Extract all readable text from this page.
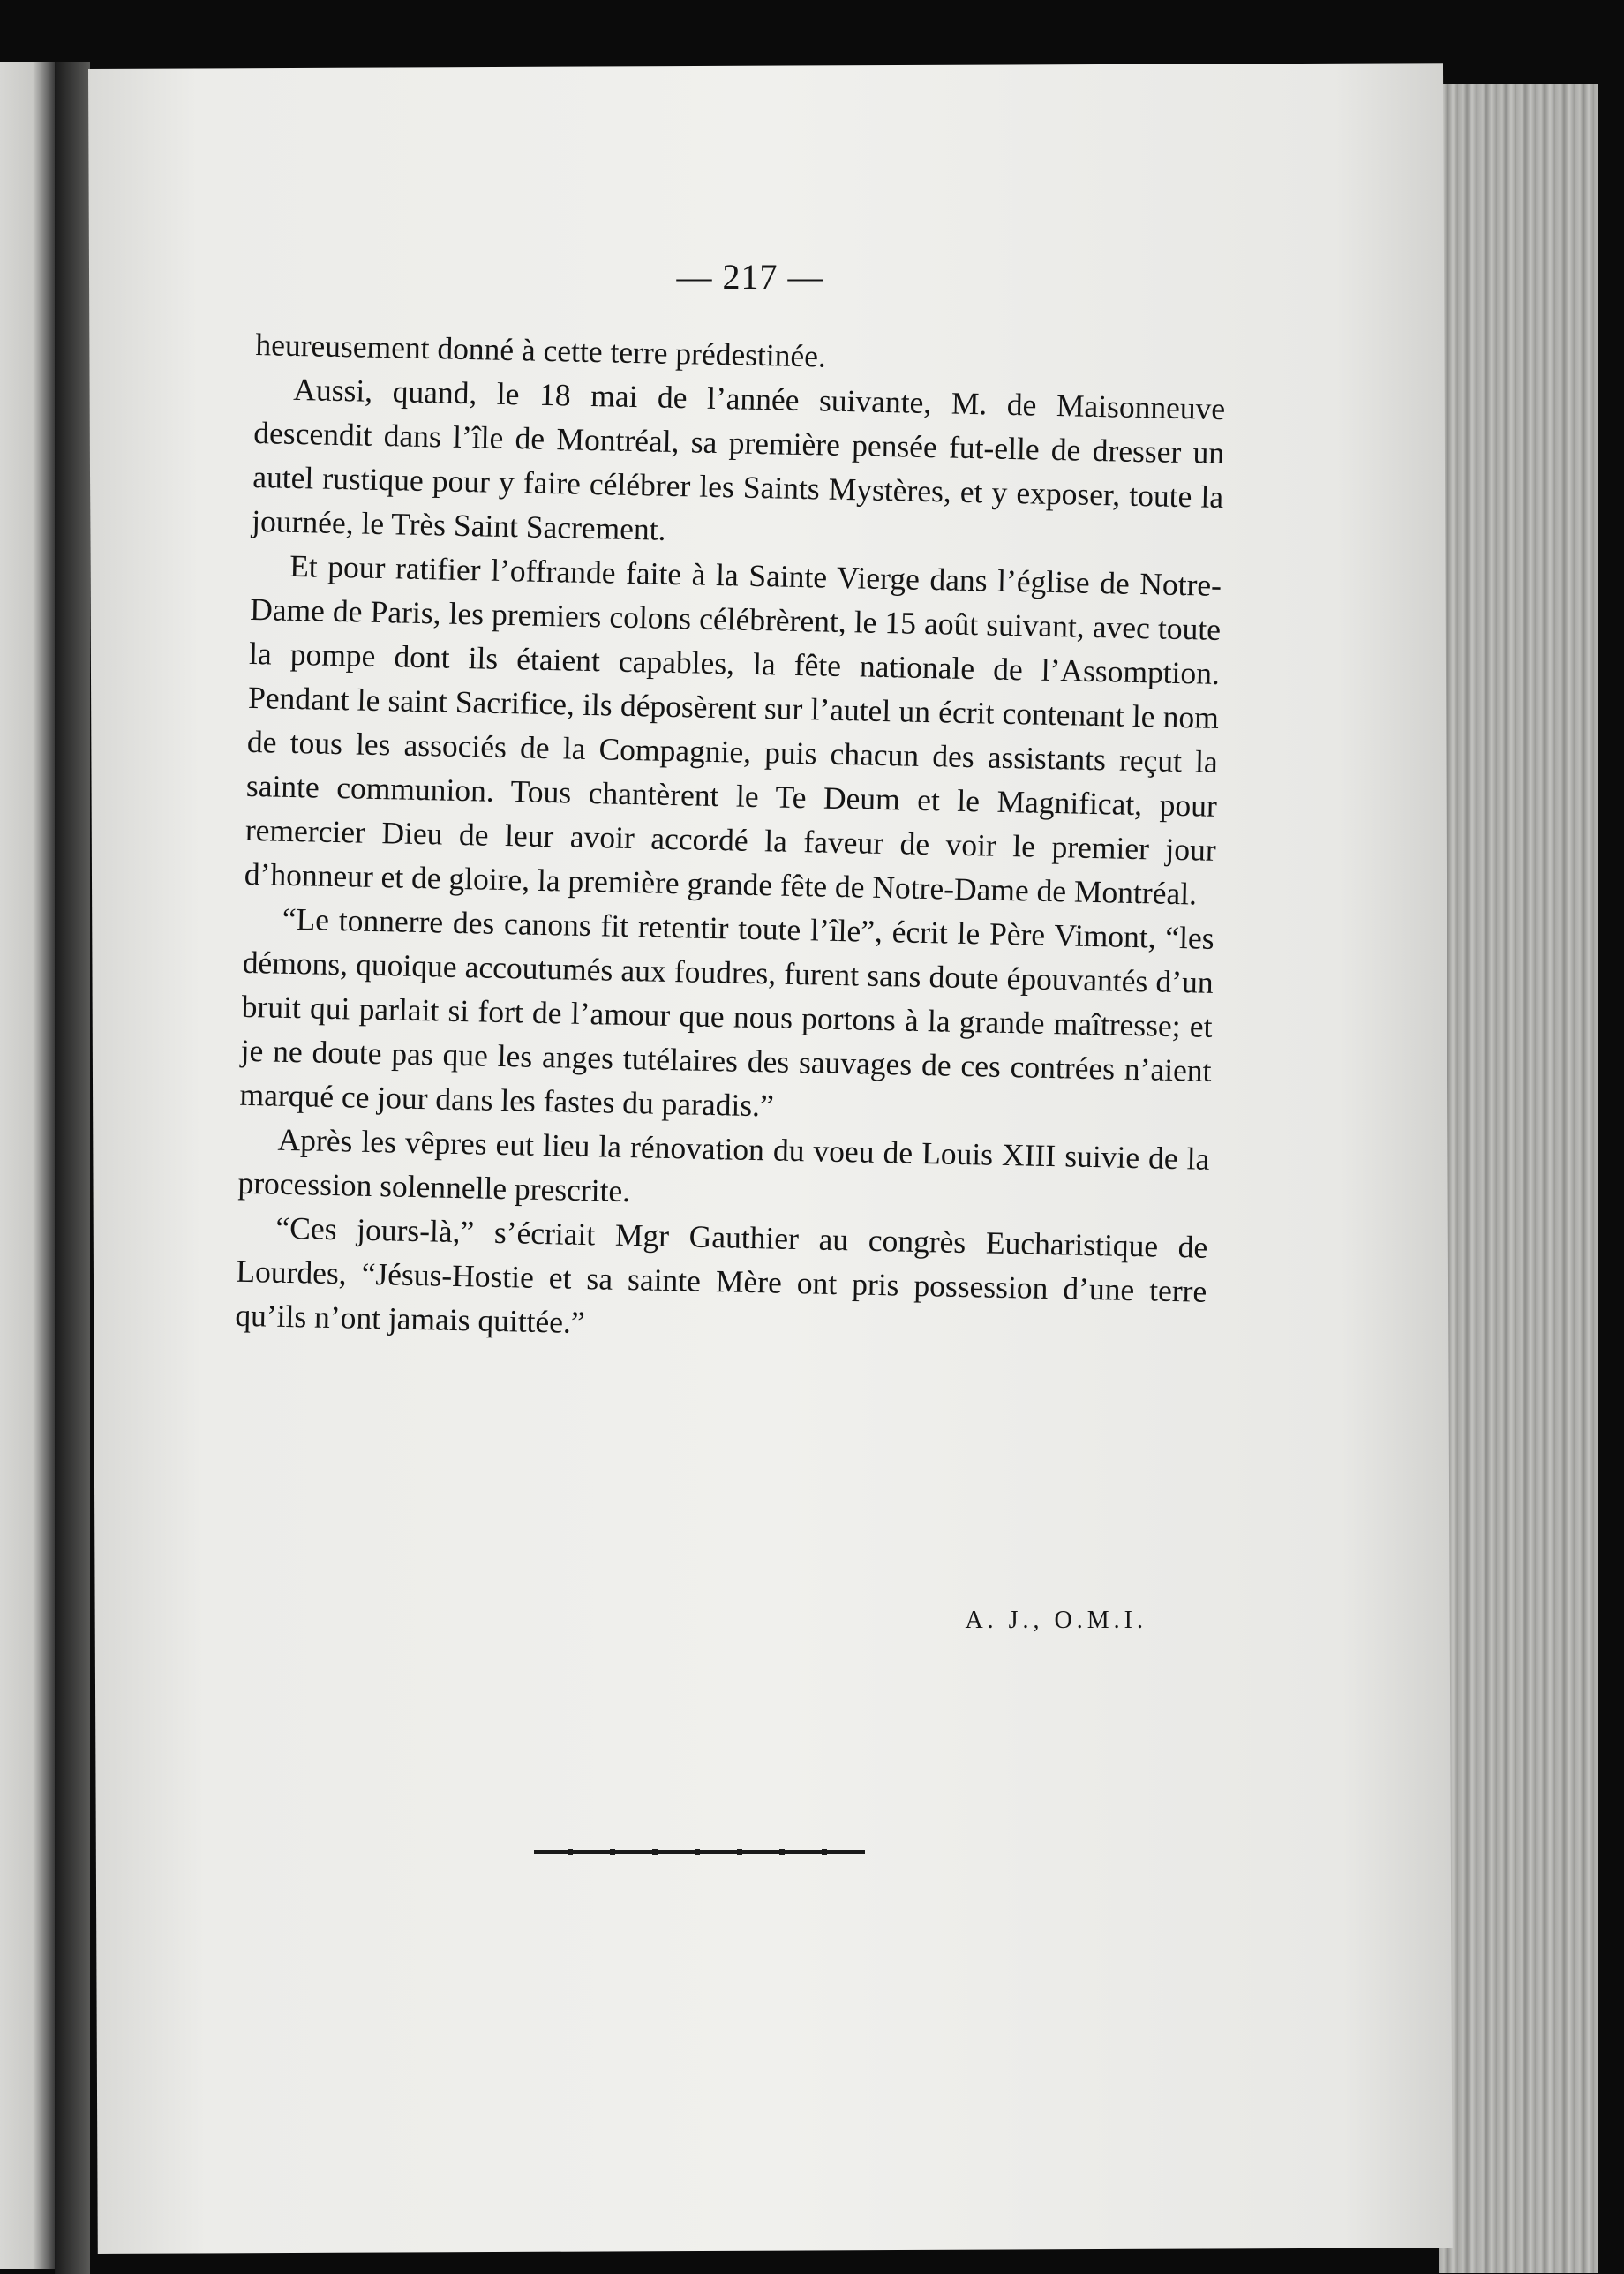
— 217 —

heureusement donné à cette terre prédestinée.

Aussi, quand, le 18 mai de l’année suivante, M. de Maisonneuve descendit dans l’île de Montréal, sa première pensée fut-elle de dresser un autel rustique pour y faire célébrer les Saints Mystères, et y exposer, toute la journée, le Très Saint Sacrement.

Et pour ratifier l’offrande faite à la Sainte Vierge dans l’église de Notre-Dame de Paris, les premiers colons célébrèrent, le 15 août suivant, avec toute la pompe dont ils étaient capables, la fête nationale de l’Assomption. Pendant le saint Sacrifice, ils déposèrent sur l’autel un écrit contenant le nom de tous les associés de la Compagnie, puis chacun des assistants reçut la sainte communion. Tous chantèrent le Te Deum et le Magnificat, pour remercier Dieu de leur avoir accordé la faveur de voir le premier jour d’honneur et de gloire, la première grande fête de Notre-Dame de Montréal.

“Le tonnerre des canons fit retentir toute l’île”, écrit le Père Vimont, “les démons, quoique accoutumés aux foudres, furent sans doute épouvantés d’un bruit qui parlait si fort de l’amour que nous portons à la grande maîtresse; et je ne doute pas que les anges tutélaires des sauvages de ces contrées n’aient marqué ce jour dans les fastes du paradis.”

Après les vêpres eut lieu la rénovation du voeu de Louis XIII suivie de la procession solennelle prescrite.

“Ces jours-là,” s’écriait Mgr Gauthier au congrès Eucharistique de Lourdes, “Jésus-Hostie et sa sainte Mère ont pris possession d’une terre qu’ils n’ont jamais quittée.”

A. J., O.M.I.
